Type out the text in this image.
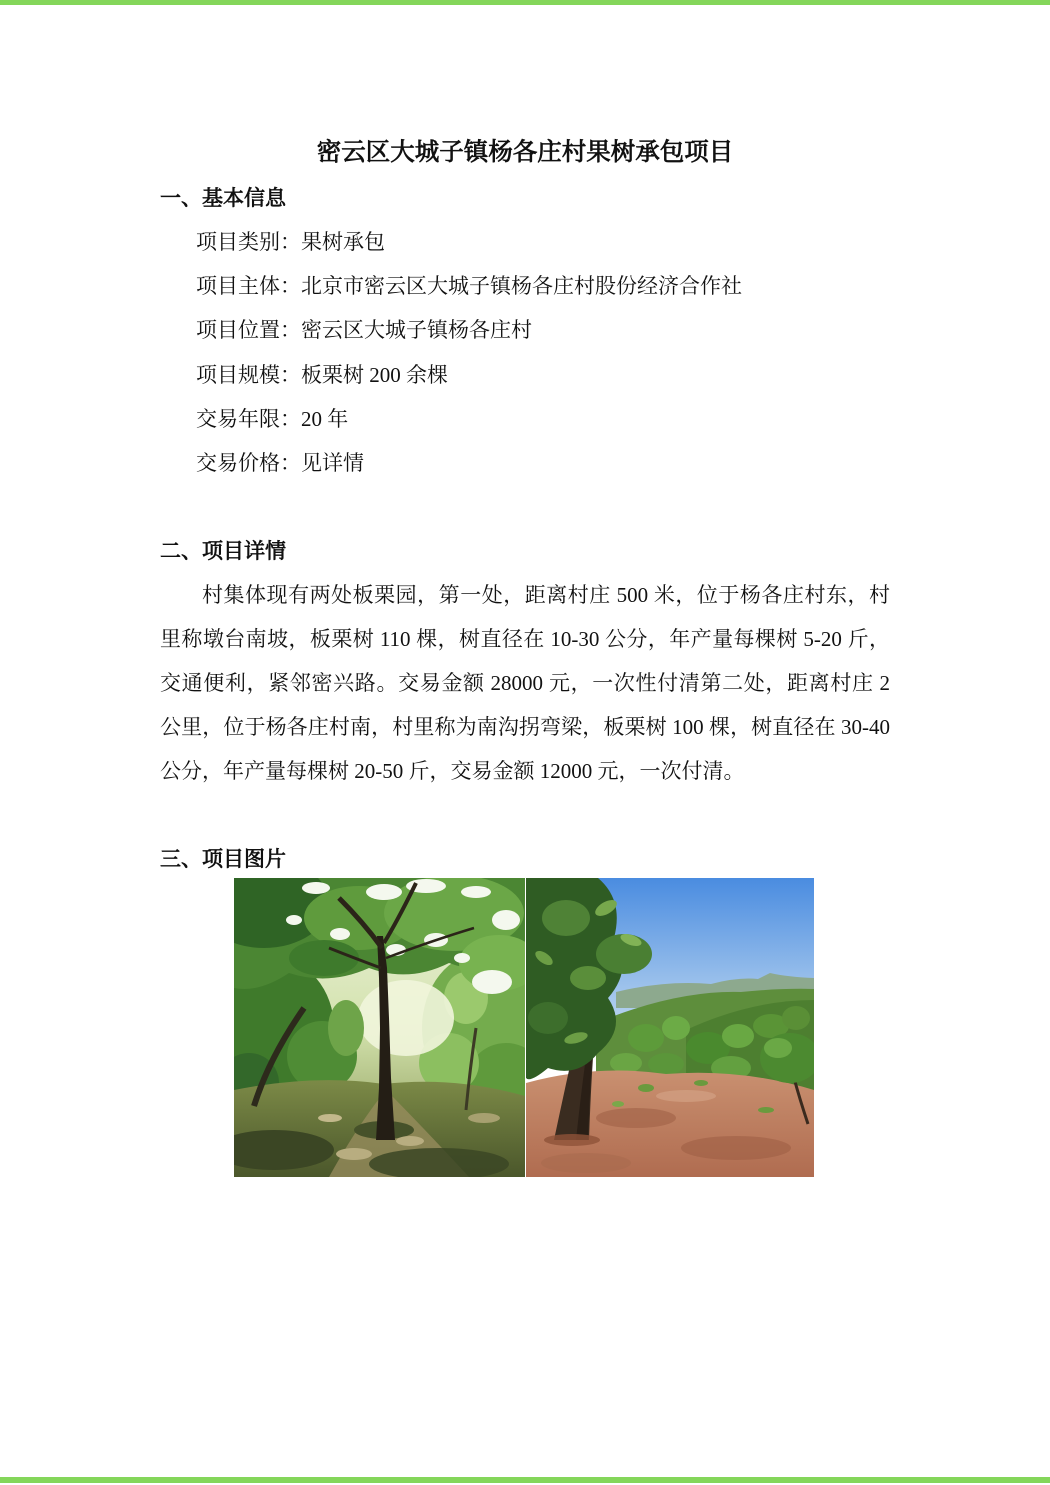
密云区大城子镇杨各庄村果树承包项目
一、基本信息
项目类别：果树承包
项目主体：北京市密云区大城子镇杨各庄村股份经济合作社
项目位置：密云区大城子镇杨各庄村
项目规模：板栗树 200 余棵
交易年限：20 年
交易价格：见详情
二、项目详情
村集体现有两处板栗园，第一处，距离村庄 500 米，位于杨各庄村东，村
里称墩台南坡，板栗树 110 棵，树直径在 10-30 公分，年产量每棵树 5-20 斤，
交通便利，紧邻密兴路。交易金额 28000 元，一次性付清第二处，距离村庄 2
公里，位于杨各庄村南，村里称为南沟拐弯梁，板栗树 100 棵，树直径在 30-40
公分，年产量每棵树 20-50 斤，交易金额 12000 元，一次付清。
三、项目图片
